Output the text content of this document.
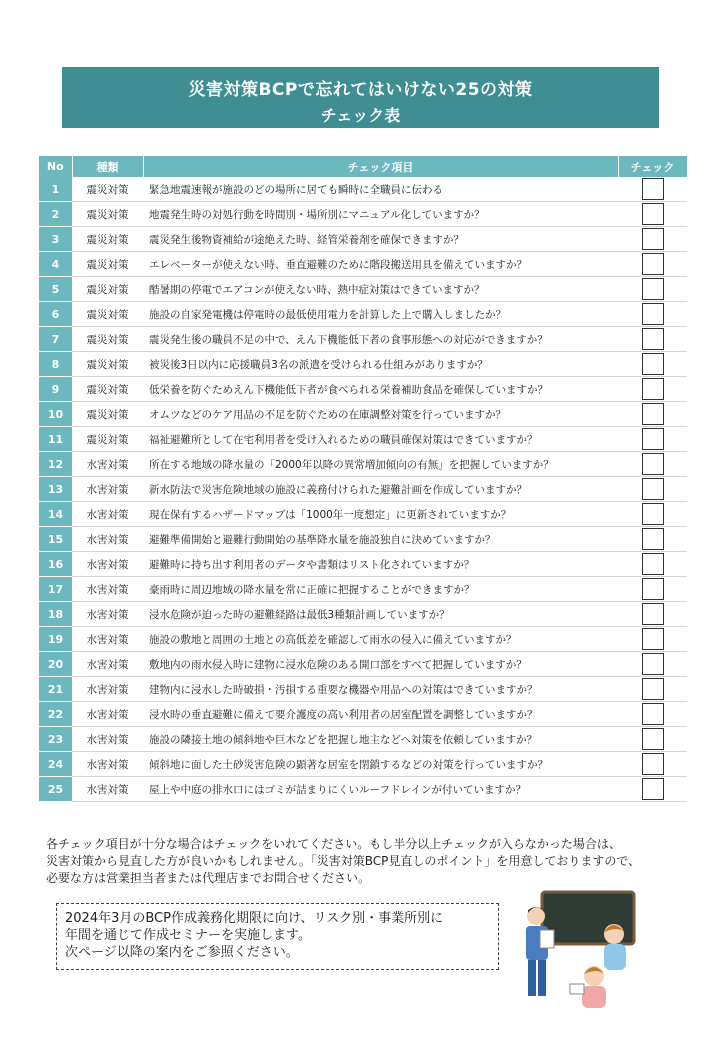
災害対策BCPで忘れてはいけない25の対策
チェック表
No	種類	チェック項目	チェック
1	震災対策	緊急地震速報が施設のどの場所に居ても瞬時に全職員に伝わる	
2	震災対策	地震発生時の対処行動を時間別・場所別にマニュアル化していますか？	
3	震災対策	震災発生後物資補給が途絶えた時、経管栄養剤を確保できますか？	
4	震災対策	エレベーターが使えない時、垂直避難のために階段搬送用具を備えていますか？	
5	震災対策	酷暑期の停電でエアコンが使えない時、熱中症対策はできていますか？	
6	震災対策	施設の自家発電機は停電時の最低使用電力を計算した上で購入しましたか？	
7	震災対策	震災発生後の職員不足の中で、えん下機能低下者の食事形態への対応ができますか？	
8	震災対策	被災後3日以内に応援職員3名の派遣を受けられる仕組みがありますか？	
9	震災対策	低栄養を防ぐためえん下機能低下者が食べられる栄養補助食品を確保していますか？	
10	震災対策	オムツなどのケア用品の不足を防ぐための在庫調整対策を行っていますか？	
11	震災対策	福祉避難所として在宅利用者を受け入れるための職員確保対策はできていますか？	
12	水害対策	所在する地域の降水量の「2000年以降の異常増加傾向の有無」を把握していますか？	
13	水害対策	新水防法で災害危険地域の施設に義務付けられた避難計画を作成していますか？	
14	水害対策	現在保有するハザードマップは「1000年一度想定」に更新されていますか？	
15	水害対策	避難準備開始と避難行動開始の基準降水量を施設独自に決めていますか？	
16	水害対策	避難時に持ち出す利用者のデータや書類はリスト化されていますか？	
17	水害対策	豪雨時に周辺地域の降水量を常に正確に把握することができますか？	
18	水害対策	浸水危険が迫った時の避難経路は最低3種類計画していますか？	
19	水害対策	施設の敷地と周囲の土地との高低差を確認して雨水の侵入に備えていますか？	
20	水害対策	敷地内の雨水侵入時に建物に浸水危険のある開口部をすべて把握していますか？	
21	水害対策	建物内に浸水した時破損・汚損する重要な機器や用品への対策はできていますか？	
22	水害対策	浸水時の垂直避難に備えて要介護度の高い利用者の居室配置を調整していますか？	
23	水害対策	施設の隣接土地の傾斜地や巨木などを把握し地主などへ対策を依頼していますか？	
24	水害対策	傾斜地に面した土砂災害危険の顕著な居室を閉鎖するなどの対策を行っていますか？	
25	水害対策	屋上や中庭の排水口にはゴミが詰まりにくいルーフドレインが付いていますか？	

各チェック項目が十分な場合はチェックをいれてください。もし半分以上チェックが入らなかった場合は、

災害対策から見直した方が良いかもしれません。「災害対策BCP見直しのポイント」を用意しておりますので、

必要な方は営業担当者または代理店までお問合せください。

2024年3月のBCP作成義務化期限に向け、リスク別・事業所別に

年間を通じて作成セミナーを実施します。

次ページ以降の案内をご参照ください。
